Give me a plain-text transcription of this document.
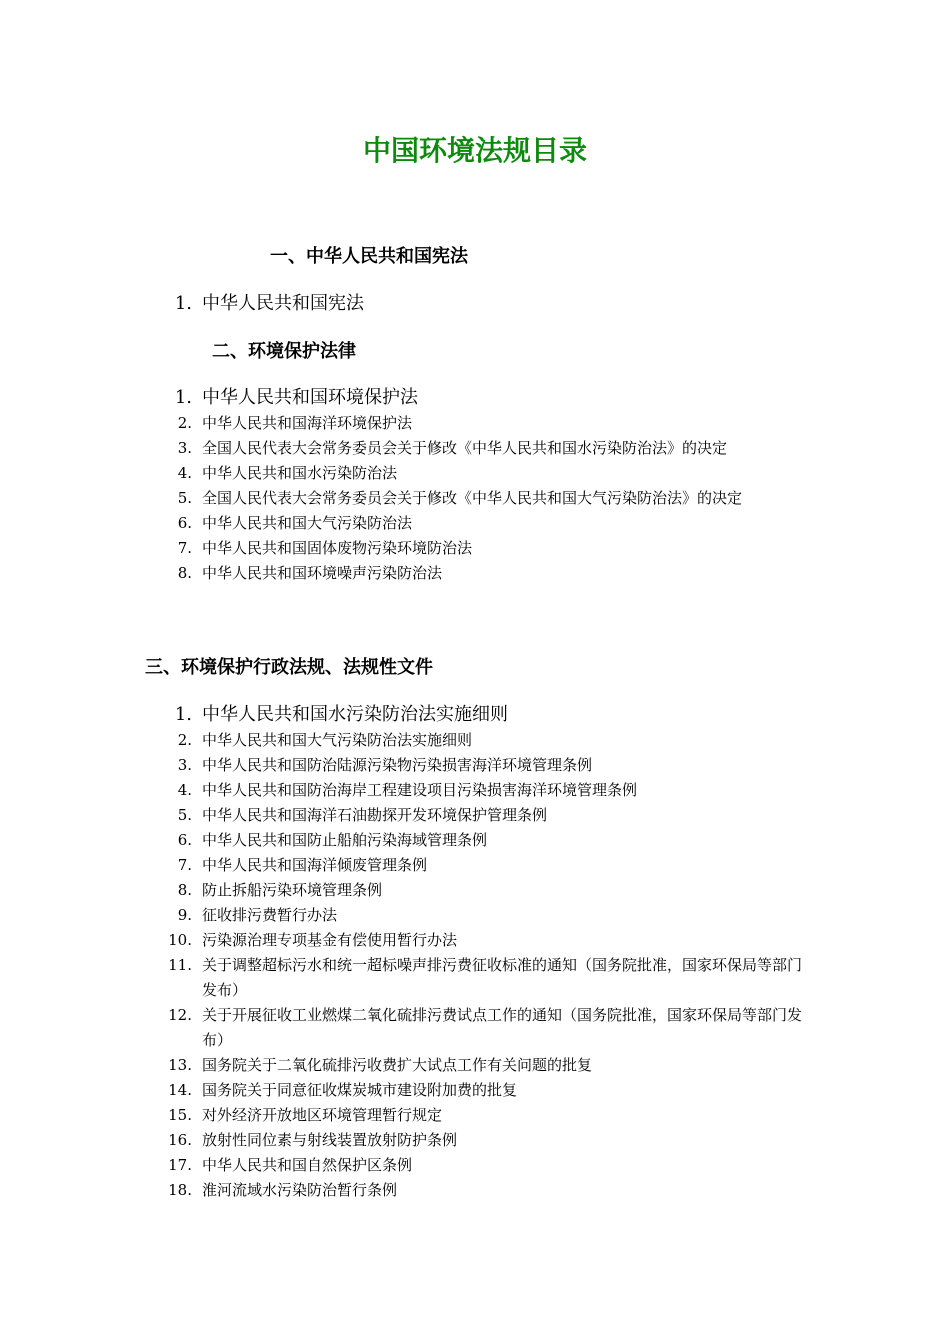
中国环境法规目录
一、中华人民共和国宪法
1. 中华人民共和国宪法
二、环境保护法律
1. 中华人民共和国环境保护法
2. 中华人民共和国海洋环境保护法
3. 全国人民代表大会常务委员会关于修改《中华人民共和国水污染防治法》的决定
4. 中华人民共和国水污染防治法
5. 全国人民代表大会常务委员会关于修改《中华人民共和国大气污染防治法》的决定
6. 中华人民共和国大气污染防治法
7. 中华人民共和国固体废物污染环境防治法
8. 中华人民共和国环境噪声污染防治法
三、环境保护行政法规、法规性文件
1. 中华人民共和国水污染防治法实施细则
2. 中华人民共和国大气污染防治法实施细则
3. 中华人民共和国防治陆源污染物污染损害海洋环境管理条例
4. 中华人民共和国防治海岸工程建设项目污染损害海洋环境管理条例
5. 中华人民共和国海洋石油勘探开发环境保护管理条例
6. 中华人民共和国防止船舶污染海域管理条例
7. 中华人民共和国海洋倾废管理条例
8. 防止拆船污染环境管理条例
9. 征收排污费暂行办法
10. 污染源治理专项基金有偿使用暂行办法
11. 关于调整超标污水和统一超标噪声排污费征收标准的通知（国务院批准，国家环保局等部门发布）
12. 关于开展征收工业燃煤二氧化硫排污费试点工作的通知（国务院批准，国家环保局等部门发布）
13. 国务院关于二氧化硫排污收费扩大试点工作有关问题的批复
14. 国务院关于同意征收煤炭城市建设附加费的批复
15. 对外经济开放地区环境管理暂行规定
16. 放射性同位素与射线装置放射防护条例
17. 中华人民共和国自然保护区条例
18. 淮河流域水污染防治暂行条例
